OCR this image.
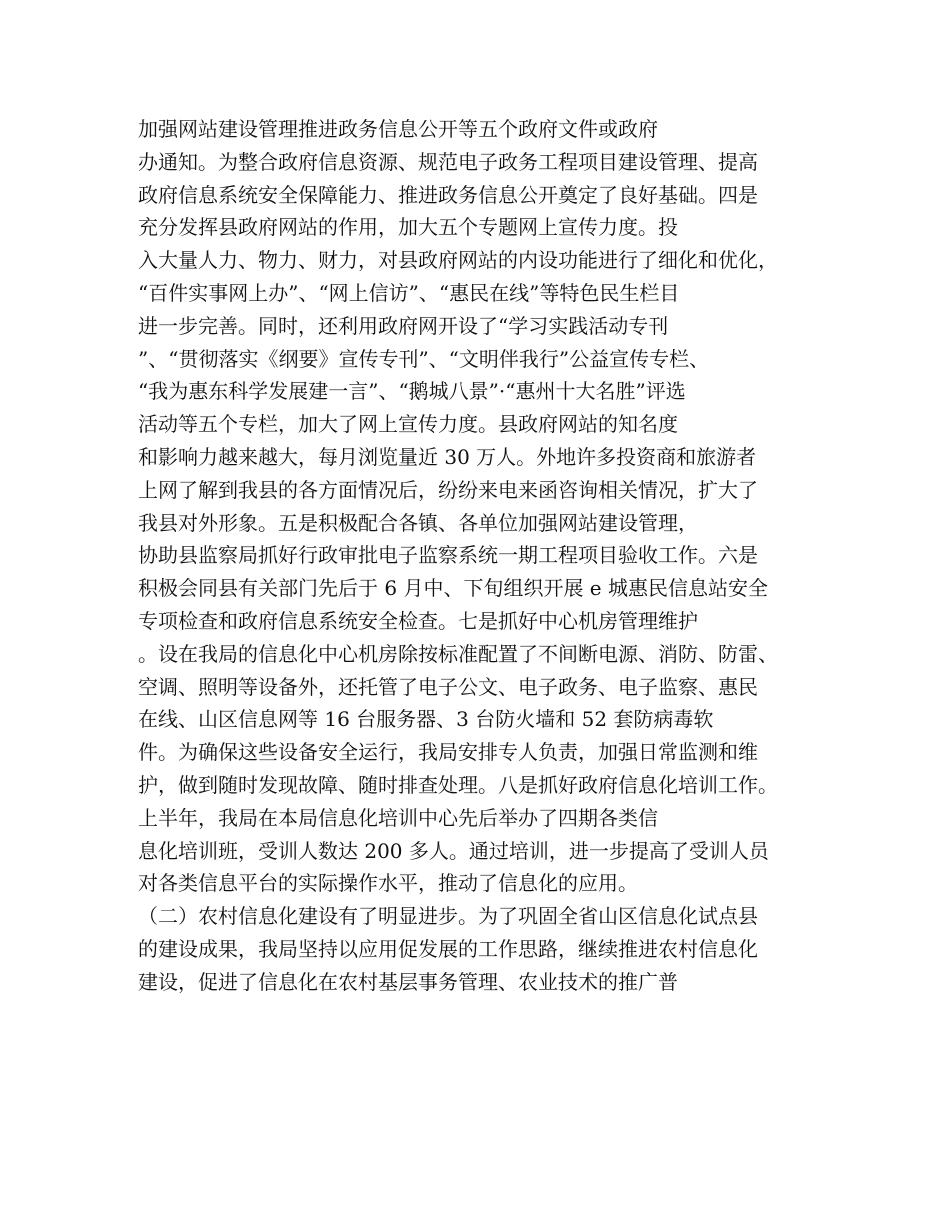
加强网站建设管理推进政务信息公开等五个政府文件或政府
办通知。为整合政府信息资源、规范电子政务工程项目建设管理、提高
政府信息系统安全保障能力、推进政务信息公开奠定了良好基础。四是
充分发挥县政府网站的作用，加大五个专题网上宣传力度。投
入大量人力、物力、财力，对县政府网站的内设功能进行了细化和优化，
“百件实事网上办”、“网上信访”、“惠民在线”等特色民生栏目
进一步完善。同时，还利用政府网开设了“学习实践活动专刊
”、“贯彻落实《纲要》宣传专刊”、“文明伴我行”公益宣传专栏、
“我为惠东科学发展建一言”、“鹅城八景”·“惠州十大名胜”评选
活动等五个专栏，加大了网上宣传力度。县政府网站的知名度
和影响力越来越大，每月浏览量近 30 万人。外地许多投资商和旅游者
上网了解到我县的各方面情况后，纷纷来电来函咨询相关情况，扩大了
我县对外形象。五是积极配合各镇、各单位加强网站建设管理，
协助县监察局抓好行政审批电子监察系统一期工程项目验收工作。六是
积极会同县有关部门先后于 6 月中、下旬组织开展 e 城惠民信息站安全
专项检查和政府信息系统安全检查。七是抓好中心机房管理维护
。设在我局的信息化中心机房除按标准配置了不间断电源、消防、防雷、
空调、照明等设备外，还托管了电子公文、电子政务、电子监察、惠民
在线、山区信息网等 16 台服务器、3 台防火墙和 52 套防病毒软
件。为确保这些设备安全运行，我局安排专人负责，加强日常监测和维
护，做到随时发现故障、随时排查处理。八是抓好政府信息化培训工作。
上半年，我局在本局信息化培训中心先后举办了四期各类信
息化培训班，受训人数达 200 多人。通过培训，进一步提高了受训人员
对各类信息平台的实际操作水平，推动了信息化的应用。
（二）农村信息化建设有了明显进步。为了巩固全省山区信息化试点县
的建设成果，我局坚持以应用促发展的工作思路，继续推进农村信息化
建设，促进了信息化在农村基层事务管理、农业技术的推广普
